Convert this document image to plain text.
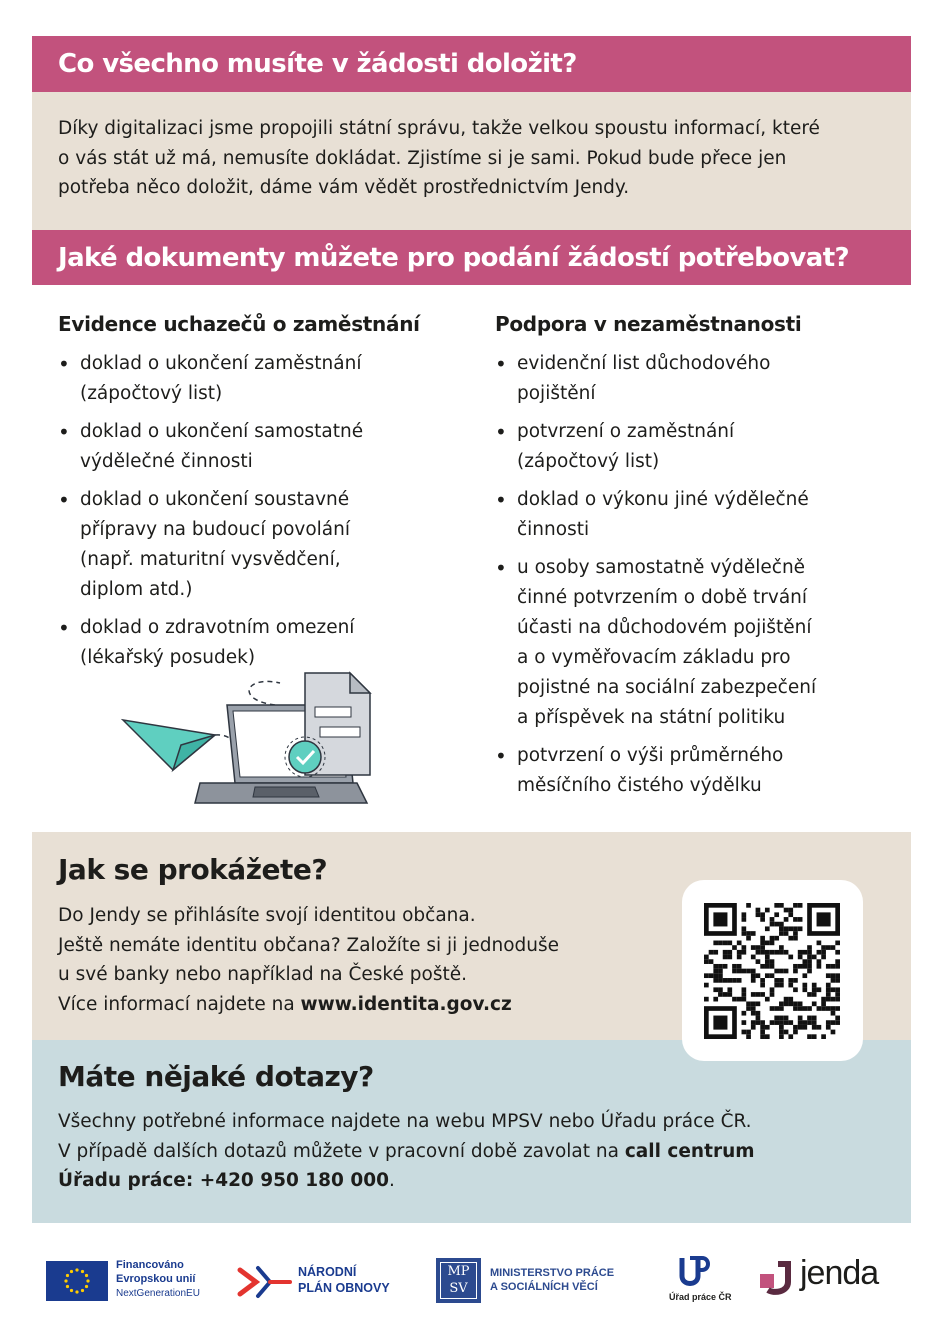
Co všechno musíte v žádosti doložit?
Díky digitalizaci jsme propojili státní správu, takže velkou spoustu informací, které
o vás stát už má, nemusíte dokládat. Zjistíme si je sami. Pokud bude přece jen
potřeba něco doložit, dáme vám vědět prostřednictvím Jendy.
Jaké dokumenty můžete pro podání žádostí potřebovat?
Evidence uchazečů o zaměstnání
• doklad o ukončení zaměstnání
(zápočtový list)
• doklad o ukončení samostatné
výdělečné činnosti
• doklad o ukončení soustavné
přípravy na budoucí povolání
(např. maturitní vysvědčení,
diplom atd.)
• doklad o zdravotním omezení
(lékařský posudek)
Podpora v nezaměstnanosti
• evidenční list důchodového
pojištění
• potvrzení o zaměstnání
(zápočtový list)
• doklad o výkonu jiné výdělečné
činnosti
• u osoby samostatně výdělečně
činné potvrzením o době trvání
účasti na důchodovém pojištění
a o vyměřovacím základu pro
pojistné na sociální zabezpečení
a příspěvek na státní politiku
• potvrzení o výši průměrného
měsíčního čistého výdělku
Jak se prokážete?
Do Jendy se přihlásíte svojí identitou občana.
Ještě nemáte identitu občana? Založíte si ji jednoduše
u své banky nebo například na České poště.
Více informací najdete na www.identita.gov.cz
Máte nějaké dotazy?
Všechny potřebné informace najdete na webu MPSV nebo Úřadu práce ČR.
V případě dalších dotazů můžete v pracovní době zavolat na call centrum
Úřadu práce: +420 950 180 000.
Financováno
Evropskou unií
NextGenerationEU
NÁRODNÍ
PLÁN OBNOVY
MP
SV
MINISTERSTVO PRÁCE
A SOCIÁLNÍCH VĚCÍ
Úřad práce ČR
jenda
